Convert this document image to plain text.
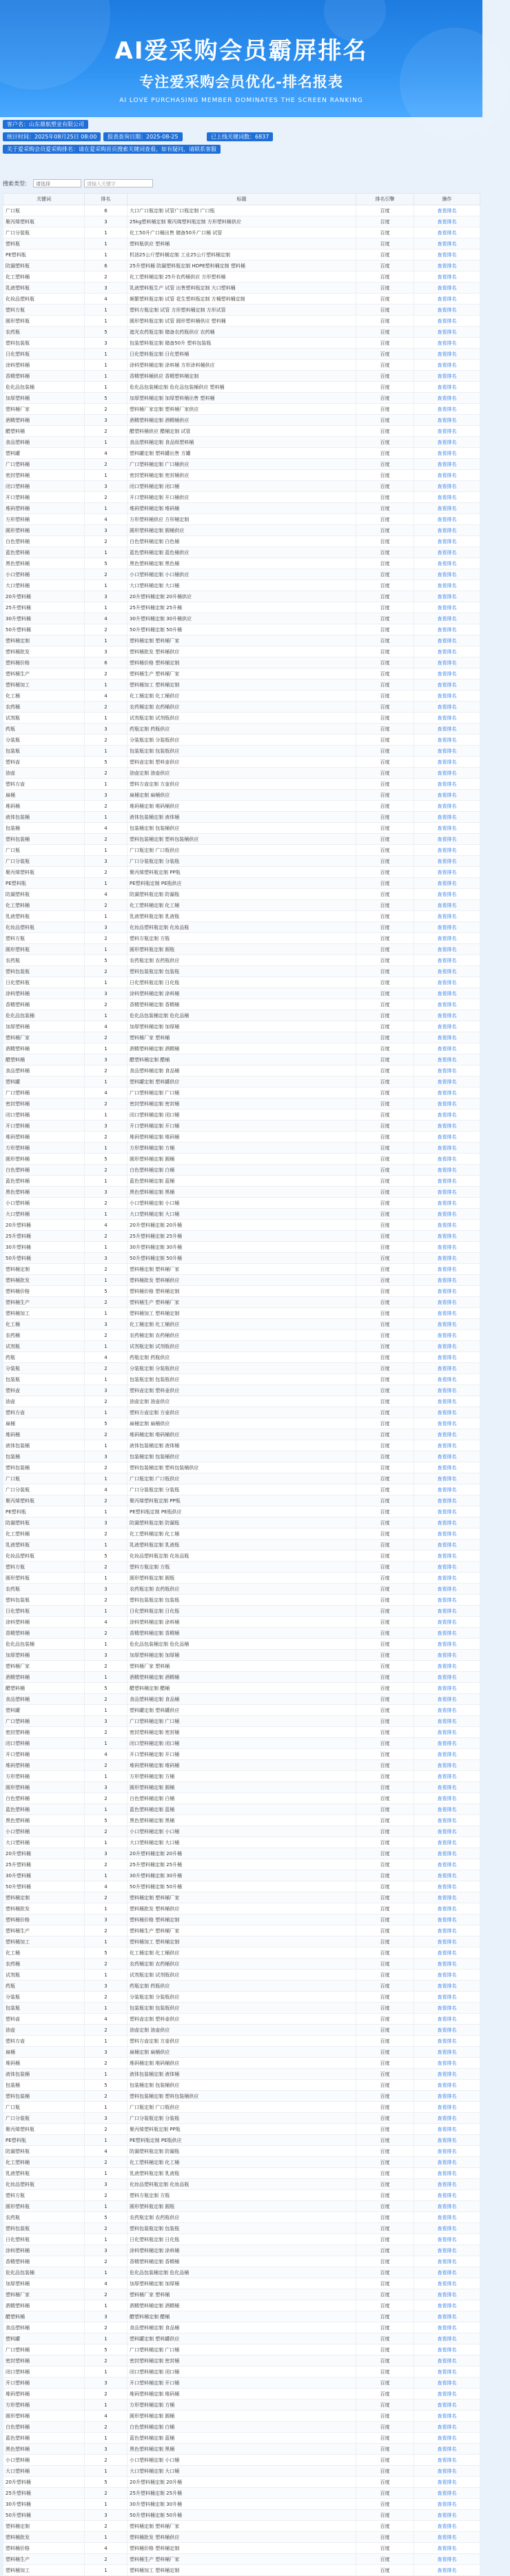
AI爱采购会员霸屏排名
专注爱采购会员优化-排名报表
AI LOVE PURCHASING MEMBER DOMINATES THE SCREEN RANKING
客户名：山东鼎航塑业有限公司
统计时间：2025年08月25日 08:00	报表查询日期：2025-08-25	已上线关键词数：6837
关于爱采购会员爱采购排名：请在爱采购首页搜索关键词查看，如有疑问，请联系客服
搜索类型：	请选择	请输入关键字
关键词	排名	标题	排名引擎	操作
广口瓶	6	大口广口瓶定制 试管广口瓶定制 广口瓶	百度	查看排名
聚丙烯塑料瓶	3	25kg塑料桶定制 聚丙烯塑料瓶定制 方形塑料桶供应	百度	查看排名
广口分装瓶	1	化工50升广口桶出售 储备50升广口桶 试管	百度	查看排名
塑料瓶	1	塑料瓶供应 塑料桶	百度	查看排名
PE塑料瓶	1	机油25公斤塑料桶定制 工业25公斤塑料桶定制	百度	查看排名
防漏塑料瓶	6	25升塑料桶 防漏塑料瓶定制 HDPE塑料桶定制 塑料桶	百度	查看排名
化工塑料桶	2	化工塑料桶定制 25升农药桶供应 方形塑料桶	百度	查看排名
乳液塑料瓶	3	乳液塑料瓶生产 试管 出售塑料瓶定制 大口塑料桶	百度	查看排名
化妆品塑料瓶	4	频繁塑料瓶定制 试管 花生塑料瓶定制 方桶塑料桶定制	百度	查看排名
塑料方瓶	1	塑料方瓶定制 试管 方形塑料桶定制 方形试管	百度	查看排名
圆形塑料瓶	1	圆形塑料瓶定制 试管 圆形塑料桶供应 塑料桶	百度	查看排名
农药瓶	5	遮光农药瓶定制 储备农药瓶供应 农药桶	百度	查看排名
塑料包装瓶	3	包装塑料瓶定制 储备50升 塑料包装瓶	百度	查看排名
日化塑料瓶	1	日化塑料瓶定制 日化塑料桶	百度	查看排名
涂料塑料桶	1	涂料塑料桶定制 涂料桶 方形涂料桶供应	百度	查看排名
香精塑料桶	1	香精塑料桶供应 香精塑料桶定制	百度	查看排名
危化品包装桶	1	危化品包装桶定制 危化品包装桶供应 塑料桶	百度	查看排名
加厚塑料桶	5	加厚塑料桶定制 加厚塑料桶出售 塑料桶	百度	查看排名
塑料桶厂家	2	塑料桶厂家定制 塑料桶厂家供应	百度	查看排名
酒精塑料桶	3	酒精塑料桶定制 酒精桶供应	百度	查看排名
醋塑料桶	2	醋塑料桶供应 醋桶定制 试管	百度	查看排名
食品塑料桶	1	食品塑料桶定制 食品级塑料桶	百度	查看排名
塑料罐	4	塑料罐定制 塑料罐出售 方罐	百度	查看排名
广口塑料桶	2	广口塑料桶定制 广口桶供应	百度	查看排名
密封塑料桶	1	密封塑料桶定制 密封桶供应	百度	查看排名
闭口塑料桶	3	闭口塑料桶定制 闭口桶	百度	查看排名
开口塑料桶	2	开口塑料桶定制 开口桶供应	百度	查看排名
堆码塑料桶	1	堆码塑料桶定制 堆码桶	百度	查看排名
方形塑料桶	4	方形塑料桶供应 方形桶定制	百度	查看排名
圆形塑料桶	3	圆形塑料桶定制 圆桶供应	百度	查看排名
白色塑料桶	2	白色塑料桶定制 白色桶	百度	查看排名
蓝色塑料桶	1	蓝色塑料桶定制 蓝色桶供应	百度	查看排名
黑色塑料桶	5	黑色塑料桶定制 黑色桶	百度	查看排名
小口塑料桶	2	小口塑料桶定制 小口桶供应	百度	查看排名
大口塑料桶	1	大口塑料桶定制 大口桶	百度	查看排名
20升塑料桶	3	20升塑料桶定制 20升桶供应	百度	查看排名
25升塑料桶	1	25升塑料桶定制 25升桶	百度	查看排名
30升塑料桶	4	30升塑料桶定制 30升桶供应	百度	查看排名
50升塑料桶	2	50升塑料桶定制 50升桶	百度	查看排名
塑料桶定制	1	塑料桶定制 塑料桶厂家	百度	查看排名
塑料桶批发	3	塑料桶批发 塑料桶供应	百度	查看排名
塑料桶价格	6	塑料桶价格 塑料桶定制	百度	查看排名
塑料桶生产	2	塑料桶生产 塑料桶厂家	百度	查看排名
塑料桶加工	1	塑料桶加工 塑料桶定制	百度	查看排名
化工桶	4	化工桶定制 化工桶供应	百度	查看排名
农药桶	2	农药桶定制 农药桶供应	百度	查看排名
试剂瓶	1	试剂瓶定制 试剂瓶供应	百度	查看排名
药瓶	3	药瓶定制 药瓶供应	百度	查看排名
分装瓶	2	分装瓶定制 分装瓶供应	百度	查看排名
包装瓶	1	包装瓶定制 包装瓶供应	百度	查看排名
塑料壶	5	塑料壶定制 塑料壶供应	百度	查看排名
油壶	2	油壶定制 油壶供应	百度	查看排名
塑料方壶	1	塑料方壶定制 方壶供应	百度	查看排名
扁桶	3	扁桶定制 扁桶供应	百度	查看排名
堆码桶	2	堆码桶定制 堆码桶供应	百度	查看排名
液体包装桶	1	液体包装桶定制 液体桶	百度	查看排名
包装桶	4	包装桶定制 包装桶供应	百度	查看排名
塑料包装桶	2	塑料包装桶定制 塑料包装桶供应	百度	查看排名
广口瓶	1	广口瓶定制 广口瓶供应	百度	查看排名
广口分装瓶	3	广口分装瓶定制 分装瓶	百度	查看排名
聚丙烯塑料瓶	2	聚丙烯塑料瓶定制 PP瓶	百度	查看排名
PE塑料瓶	1	PE塑料瓶定制 PE瓶供应	百度	查看排名
防漏塑料瓶	4	防漏塑料瓶定制 防漏瓶	百度	查看排名
化工塑料桶	2	化工塑料桶定制 化工桶	百度	查看排名
乳液塑料瓶	1	乳液塑料瓶定制 乳液瓶	百度	查看排名
化妆品塑料瓶	3	化妆品塑料瓶定制 化妆品瓶	百度	查看排名
塑料方瓶	2	塑料方瓶定制 方瓶	百度	查看排名
圆形塑料瓶	1	圆形塑料瓶定制 圆瓶	百度	查看排名
农药瓶	5	农药瓶定制 农药瓶供应	百度	查看排名
塑料包装瓶	2	塑料包装瓶定制 包装瓶	百度	查看排名
日化塑料瓶	1	日化塑料瓶定制 日化瓶	百度	查看排名
涂料塑料桶	3	涂料塑料桶定制 涂料桶	百度	查看排名
香精塑料桶	2	香精塑料桶定制 香精桶	百度	查看排名
危化品包装桶	1	危化品包装桶定制 危化品桶	百度	查看排名
加厚塑料桶	4	加厚塑料桶定制 加厚桶	百度	查看排名
塑料桶厂家	2	塑料桶厂家 塑料桶	百度	查看排名
酒精塑料桶	1	酒精塑料桶定制 酒精桶	百度	查看排名
醋塑料桶	3	醋塑料桶定制 醋桶	百度	查看排名
食品塑料桶	2	食品塑料桶定制 食品桶	百度	查看排名
塑料罐	1	塑料罐定制 塑料罐供应	百度	查看排名
广口塑料桶	4	广口塑料桶定制 广口桶	百度	查看排名
密封塑料桶	2	密封塑料桶定制 密封桶	百度	查看排名
闭口塑料桶	1	闭口塑料桶定制 闭口桶	百度	查看排名
开口塑料桶	3	开口塑料桶定制 开口桶	百度	查看排名
堆码塑料桶	2	堆码塑料桶定制 堆码桶	百度	查看排名
方形塑料桶	1	方形塑料桶定制 方桶	百度	查看排名
圆形塑料桶	5	圆形塑料桶定制 圆桶	百度	查看排名
白色塑料桶	2	白色塑料桶定制 白桶	百度	查看排名
蓝色塑料桶	1	蓝色塑料桶定制 蓝桶	百度	查看排名
黑色塑料桶	3	黑色塑料桶定制 黑桶	百度	查看排名
小口塑料桶	2	小口塑料桶定制 小口桶	百度	查看排名
大口塑料桶	1	大口塑料桶定制 大口桶	百度	查看排名
20升塑料桶	4	20升塑料桶定制 20升桶	百度	查看排名
25升塑料桶	2	25升塑料桶定制 25升桶	百度	查看排名
30升塑料桶	1	30升塑料桶定制 30升桶	百度	查看排名
50升塑料桶	3	50升塑料桶定制 50升桶	百度	查看排名
塑料桶定制	2	塑料桶定制 塑料桶厂家	百度	查看排名
塑料桶批发	1	塑料桶批发 塑料桶供应	百度	查看排名
塑料桶价格	5	塑料桶价格 塑料桶定制	百度	查看排名
塑料桶生产	2	塑料桶生产 塑料桶厂家	百度	查看排名
塑料桶加工	1	塑料桶加工 塑料桶定制	百度	查看排名
化工桶	3	化工桶定制 化工桶供应	百度	查看排名
农药桶	2	农药桶定制 农药桶供应	百度	查看排名
试剂瓶	1	试剂瓶定制 试剂瓶供应	百度	查看排名
药瓶	4	药瓶定制 药瓶供应	百度	查看排名
分装瓶	2	分装瓶定制 分装瓶供应	百度	查看排名
包装瓶	1	包装瓶定制 包装瓶供应	百度	查看排名
塑料壶	3	塑料壶定制 塑料壶供应	百度	查看排名
油壶	2	油壶定制 油壶供应	百度	查看排名
塑料方壶	1	塑料方壶定制 方壶供应	百度	查看排名
扁桶	5	扁桶定制 扁桶供应	百度	查看排名
堆码桶	2	堆码桶定制 堆码桶供应	百度	查看排名
液体包装桶	1	液体包装桶定制 液体桶	百度	查看排名
包装桶	3	包装桶定制 包装桶供应	百度	查看排名
塑料包装桶	2	塑料包装桶定制 塑料包装桶供应	百度	查看排名
广口瓶	1	广口瓶定制 广口瓶供应	百度	查看排名
广口分装瓶	4	广口分装瓶定制 分装瓶	百度	查看排名
聚丙烯塑料瓶	2	聚丙烯塑料瓶定制 PP瓶	百度	查看排名
PE塑料瓶	1	PE塑料瓶定制 PE瓶供应	百度	查看排名
防漏塑料瓶	3	防漏塑料瓶定制 防漏瓶	百度	查看排名
化工塑料桶	2	化工塑料桶定制 化工桶	百度	查看排名
乳液塑料瓶	1	乳液塑料瓶定制 乳液瓶	百度	查看排名
化妆品塑料瓶	5	化妆品塑料瓶定制 化妆品瓶	百度	查看排名
塑料方瓶	2	塑料方瓶定制 方瓶	百度	查看排名
圆形塑料瓶	1	圆形塑料瓶定制 圆瓶	百度	查看排名
农药瓶	3	农药瓶定制 农药瓶供应	百度	查看排名
塑料包装瓶	2	塑料包装瓶定制 包装瓶	百度	查看排名
日化塑料瓶	1	日化塑料瓶定制 日化瓶	百度	查看排名
涂料塑料桶	4	涂料塑料桶定制 涂料桶	百度	查看排名
香精塑料桶	2	香精塑料桶定制 香精桶	百度	查看排名
危化品包装桶	1	危化品包装桶定制 危化品桶	百度	查看排名
加厚塑料桶	3	加厚塑料桶定制 加厚桶	百度	查看排名
塑料桶厂家	2	塑料桶厂家 塑料桶	百度	查看排名
酒精塑料桶	1	酒精塑料桶定制 酒精桶	百度	查看排名
醋塑料桶	5	醋塑料桶定制 醋桶	百度	查看排名
食品塑料桶	2	食品塑料桶定制 食品桶	百度	查看排名
塑料罐	1	塑料罐定制 塑料罐供应	百度	查看排名
广口塑料桶	3	广口塑料桶定制 广口桶	百度	查看排名
密封塑料桶	2	密封塑料桶定制 密封桶	百度	查看排名
闭口塑料桶	1	闭口塑料桶定制 闭口桶	百度	查看排名
开口塑料桶	4	开口塑料桶定制 开口桶	百度	查看排名
堆码塑料桶	2	堆码塑料桶定制 堆码桶	百度	查看排名
方形塑料桶	1	方形塑料桶定制 方桶	百度	查看排名
圆形塑料桶	3	圆形塑料桶定制 圆桶	百度	查看排名
白色塑料桶	2	白色塑料桶定制 白桶	百度	查看排名
蓝色塑料桶	1	蓝色塑料桶定制 蓝桶	百度	查看排名
黑色塑料桶	5	黑色塑料桶定制 黑桶	百度	查看排名
小口塑料桶	2	小口塑料桶定制 小口桶	百度	查看排名
大口塑料桶	1	大口塑料桶定制 大口桶	百度	查看排名
20升塑料桶	3	20升塑料桶定制 20升桶	百度	查看排名
25升塑料桶	2	25升塑料桶定制 25升桶	百度	查看排名
30升塑料桶	1	30升塑料桶定制 30升桶	百度	查看排名
50升塑料桶	4	50升塑料桶定制 50升桶	百度	查看排名
塑料桶定制	2	塑料桶定制 塑料桶厂家	百度	查看排名
塑料桶批发	1	塑料桶批发 塑料桶供应	百度	查看排名
塑料桶价格	3	塑料桶价格 塑料桶定制	百度	查看排名
塑料桶生产	2	塑料桶生产 塑料桶厂家	百度	查看排名
塑料桶加工	1	塑料桶加工 塑料桶定制	百度	查看排名
化工桶	5	化工桶定制 化工桶供应	百度	查看排名
农药桶	2	农药桶定制 农药桶供应	百度	查看排名
试剂瓶	1	试剂瓶定制 试剂瓶供应	百度	查看排名
药瓶	3	药瓶定制 药瓶供应	百度	查看排名
分装瓶	2	分装瓶定制 分装瓶供应	百度	查看排名
包装瓶	1	包装瓶定制 包装瓶供应	百度	查看排名
塑料壶	4	塑料壶定制 塑料壶供应	百度	查看排名
油壶	2	油壶定制 油壶供应	百度	查看排名
塑料方壶	1	塑料方壶定制 方壶供应	百度	查看排名
扁桶	3	扁桶定制 扁桶供应	百度	查看排名
堆码桶	2	堆码桶定制 堆码桶供应	百度	查看排名
液体包装桶	1	液体包装桶定制 液体桶	百度	查看排名
包装桶	5	包装桶定制 包装桶供应	百度	查看排名
塑料包装桶	2	塑料包装桶定制 塑料包装桶供应	百度	查看排名
广口瓶	1	广口瓶定制 广口瓶供应	百度	查看排名
广口分装瓶	3	广口分装瓶定制 分装瓶	百度	查看排名
聚丙烯塑料瓶	2	聚丙烯塑料瓶定制 PP瓶	百度	查看排名
PE塑料瓶	1	PE塑料瓶定制 PE瓶供应	百度	查看排名
防漏塑料瓶	4	防漏塑料瓶定制 防漏瓶	百度	查看排名
化工塑料桶	2	化工塑料桶定制 化工桶	百度	查看排名
乳液塑料瓶	1	乳液塑料瓶定制 乳液瓶	百度	查看排名
化妆品塑料瓶	3	化妆品塑料瓶定制 化妆品瓶	百度	查看排名
塑料方瓶	2	塑料方瓶定制 方瓶	百度	查看排名
圆形塑料瓶	1	圆形塑料瓶定制 圆瓶	百度	查看排名
农药瓶	5	农药瓶定制 农药瓶供应	百度	查看排名
塑料包装瓶	2	塑料包装瓶定制 包装瓶	百度	查看排名
日化塑料瓶	1	日化塑料瓶定制 日化瓶	百度	查看排名
涂料塑料桶	3	涂料塑料桶定制 涂料桶	百度	查看排名
香精塑料桶	2	香精塑料桶定制 香精桶	百度	查看排名
危化品包装桶	1	危化品包装桶定制 危化品桶	百度	查看排名
加厚塑料桶	4	加厚塑料桶定制 加厚桶	百度	查看排名
塑料桶厂家	2	塑料桶厂家 塑料桶	百度	查看排名
酒精塑料桶	1	酒精塑料桶定制 酒精桶	百度	查看排名
醋塑料桶	3	醋塑料桶定制 醋桶	百度	查看排名
食品塑料桶	2	食品塑料桶定制 食品桶	百度	查看排名
塑料罐	1	塑料罐定制 塑料罐供应	百度	查看排名
广口塑料桶	5	广口塑料桶定制 广口桶	百度	查看排名
密封塑料桶	2	密封塑料桶定制 密封桶	百度	查看排名
闭口塑料桶	1	闭口塑料桶定制 闭口桶	百度	查看排名
开口塑料桶	3	开口塑料桶定制 开口桶	百度	查看排名
堆码塑料桶	2	堆码塑料桶定制 堆码桶	百度	查看排名
方形塑料桶	1	方形塑料桶定制 方桶	百度	查看排名
圆形塑料桶	4	圆形塑料桶定制 圆桶	百度	查看排名
白色塑料桶	2	白色塑料桶定制 白桶	百度	查看排名
蓝色塑料桶	1	蓝色塑料桶定制 蓝桶	百度	查看排名
黑色塑料桶	3	黑色塑料桶定制 黑桶	百度	查看排名
小口塑料桶	2	小口塑料桶定制 小口桶	百度	查看排名
大口塑料桶	1	大口塑料桶定制 大口桶	百度	查看排名
20升塑料桶	5	20升塑料桶定制 20升桶	百度	查看排名
25升塑料桶	2	25升塑料桶定制 25升桶	百度	查看排名
30升塑料桶	1	30升塑料桶定制 30升桶	百度	查看排名
50升塑料桶	3	50升塑料桶定制 50升桶	百度	查看排名
塑料桶定制	2	塑料桶定制 塑料桶厂家	百度	查看排名
塑料桶批发	1	塑料桶批发 塑料桶供应	百度	查看排名
塑料桶价格	4	塑料桶价格 塑料桶定制	百度	查看排名
塑料桶生产	2	塑料桶生产 塑料桶厂家	百度	查看排名
塑料桶加工	1	塑料桶加工 塑料桶定制	百度	查看排名
